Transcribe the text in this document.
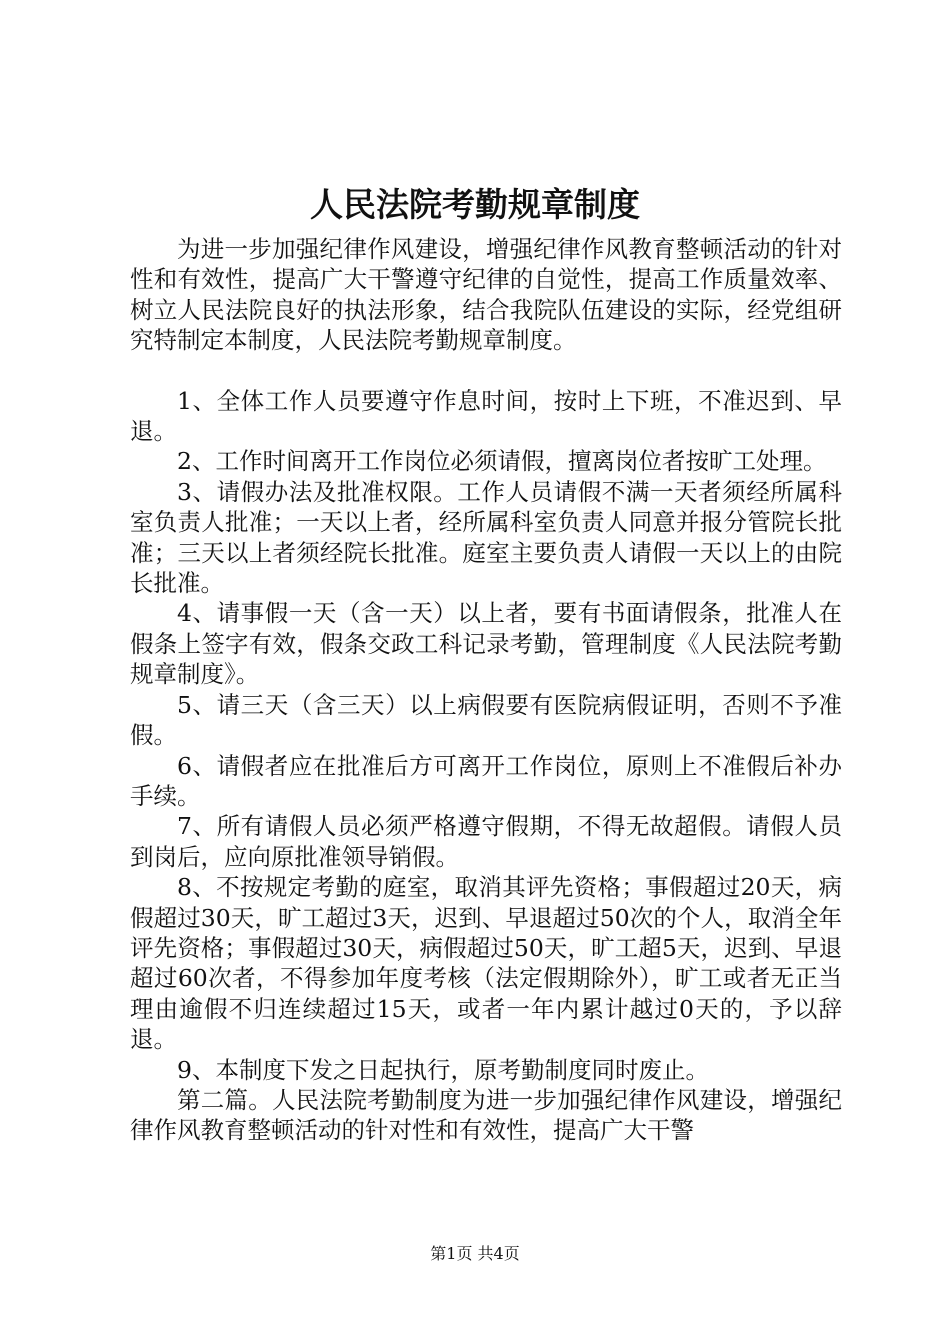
人民法院考勤规章制度

为进一步加强纪律作风建设，增强纪律作风教育整顿活动的针对性和有效性，提高广大干警遵守纪律的自觉性，提高工作质量效率、树立人民法院良好的执法形象，结合我院队伍建设的实际，经党组研究特制定本制度，人民法院考勤规章制度。

1、全体工作人员要遵守作息时间，按时上下班，不准迟到、早退。

2、工作时间离开工作岗位必须请假，擅离岗位者按旷工处理。

3、请假办法及批准权限。工作人员请假不满一天者须经所属科室负责人批准；一天以上者，经所属科室负责人同意并报分管院长批准；三天以上者须经院长批准。庭室主要负责人请假一天以上的由院长批准。

4、请事假一天（含一天）以上者，要有书面请假条，批准人在假条上签字有效，假条交政工科记录考勤，管理制度《人民法院考勤规章制度》。

5、请三天（含三天）以上病假要有医院病假证明，否则不予准假。

6、请假者应在批准后方可离开工作岗位，原则上不准假后补办手续。

7、所有请假人员必须严格遵守假期，不得无故超假。请假人员到岗后，应向原批准领导销假。

8、不按规定考勤的庭室，取消其评先资格；事假超过20天，病假超过30天，旷工超过3天，迟到、早退超过50次的个人，取消全年评先资格；事假超过30天，病假超过50天，旷工超5天，迟到、早退超过60次者，不得参加年度考核（法定假期除外），旷工或者无正当理由逾假不归连续超过15天，或者一年内累计越过0天的，予以辞退。

9、本制度下发之日起执行，原考勤制度同时废止。

第二篇。人民法院考勤制度为进一步加强纪律作风建设，增强纪律作风教育整顿活动的针对性和有效性，提高广大干警

第1页 共4页
